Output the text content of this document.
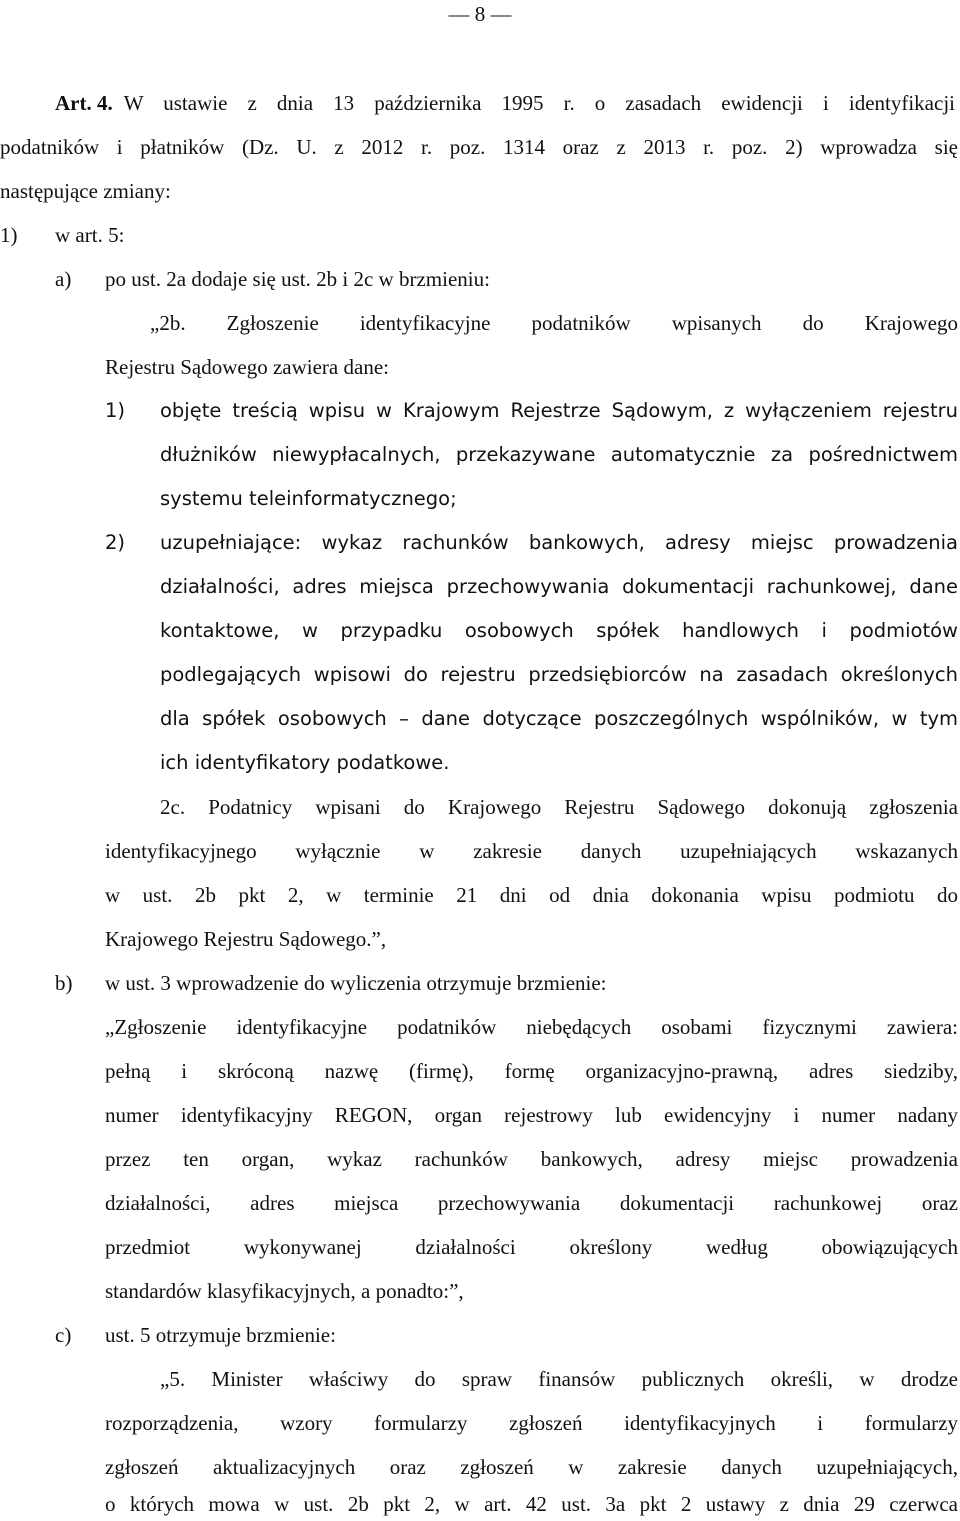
— 8 —
Art. 4. W ustawie z dnia 13 października 1995 r. o zasadach ewidencji i identyfikacji
podatników i płatników (Dz. U. z 2012 r. poz. 1314 oraz z 2013 r. poz. 2) wprowadza się
następujące zmiany:
1) w art. 5:
a) po ust. 2a dodaje się ust. 2b i 2c w brzmieniu:
„2b. Zgłoszenie identyfikacyjne podatników wpisanych do Krajowego
Rejestru Sądowego zawiera dane:
1) objęte treścią wpisu w Krajowym Rejestrze Sądowym, z wyłączeniem rejestru
dłużników niewypłacalnych, przekazywane automatycznie za pośrednictwem
systemu teleinformatycznego;
2) uzupełniające: wykaz rachunków bankowych, adresy miejsc prowadzenia
działalności, adres miejsca przechowywania dokumentacji rachunkowej, dane
kontaktowe, w przypadku osobowych spółek handlowych i podmiotów
podlegających wpisowi do rejestru przedsiębiorców na zasadach określonych
dla spółek osobowych – dane dotyczące poszczególnych wspólników, w tym
ich identyfikatory podatkowe.
2c. Podatnicy wpisani do Krajowego Rejestru Sądowego dokonują zgłoszenia
identyfikacyjnego wyłącznie w zakresie danych uzupełniających wskazanych
w ust. 2b pkt 2, w terminie 21 dni od dnia dokonania wpisu podmiotu do
Krajowego Rejestru Sądowego.”,
b) w ust. 3 wprowadzenie do wyliczenia otrzymuje brzmienie:
„Zgłoszenie identyfikacyjne podatników niebędących osobami fizycznymi zawiera:
pełną i skróconą nazwę (firmę), formę organizacyjno-prawną, adres siedziby,
numer identyfikacyjny REGON, organ rejestrowy lub ewidencyjny i numer nadany
przez ten organ, wykaz rachunków bankowych, adresy miejsc prowadzenia
działalności, adres miejsca przechowywania dokumentacji rachunkowej oraz
przedmiot wykonywanej działalności określony według obowiązujących
standardów klasyfikacyjnych, a ponadto:”,
c) ust. 5 otrzymuje brzmienie:
„5. Minister właściwy do spraw finansów publicznych określi, w drodze
rozporządzenia, wzory formularzy zgłoszeń identyfikacyjnych i formularzy
zgłoszeń aktualizacyjnych oraz zgłoszeń w zakresie danych uzupełniających,
o których mowa w ust. 2b pkt 2, w art. 42 ust. 3a pkt 2 ustawy z dnia 29 czerwca
